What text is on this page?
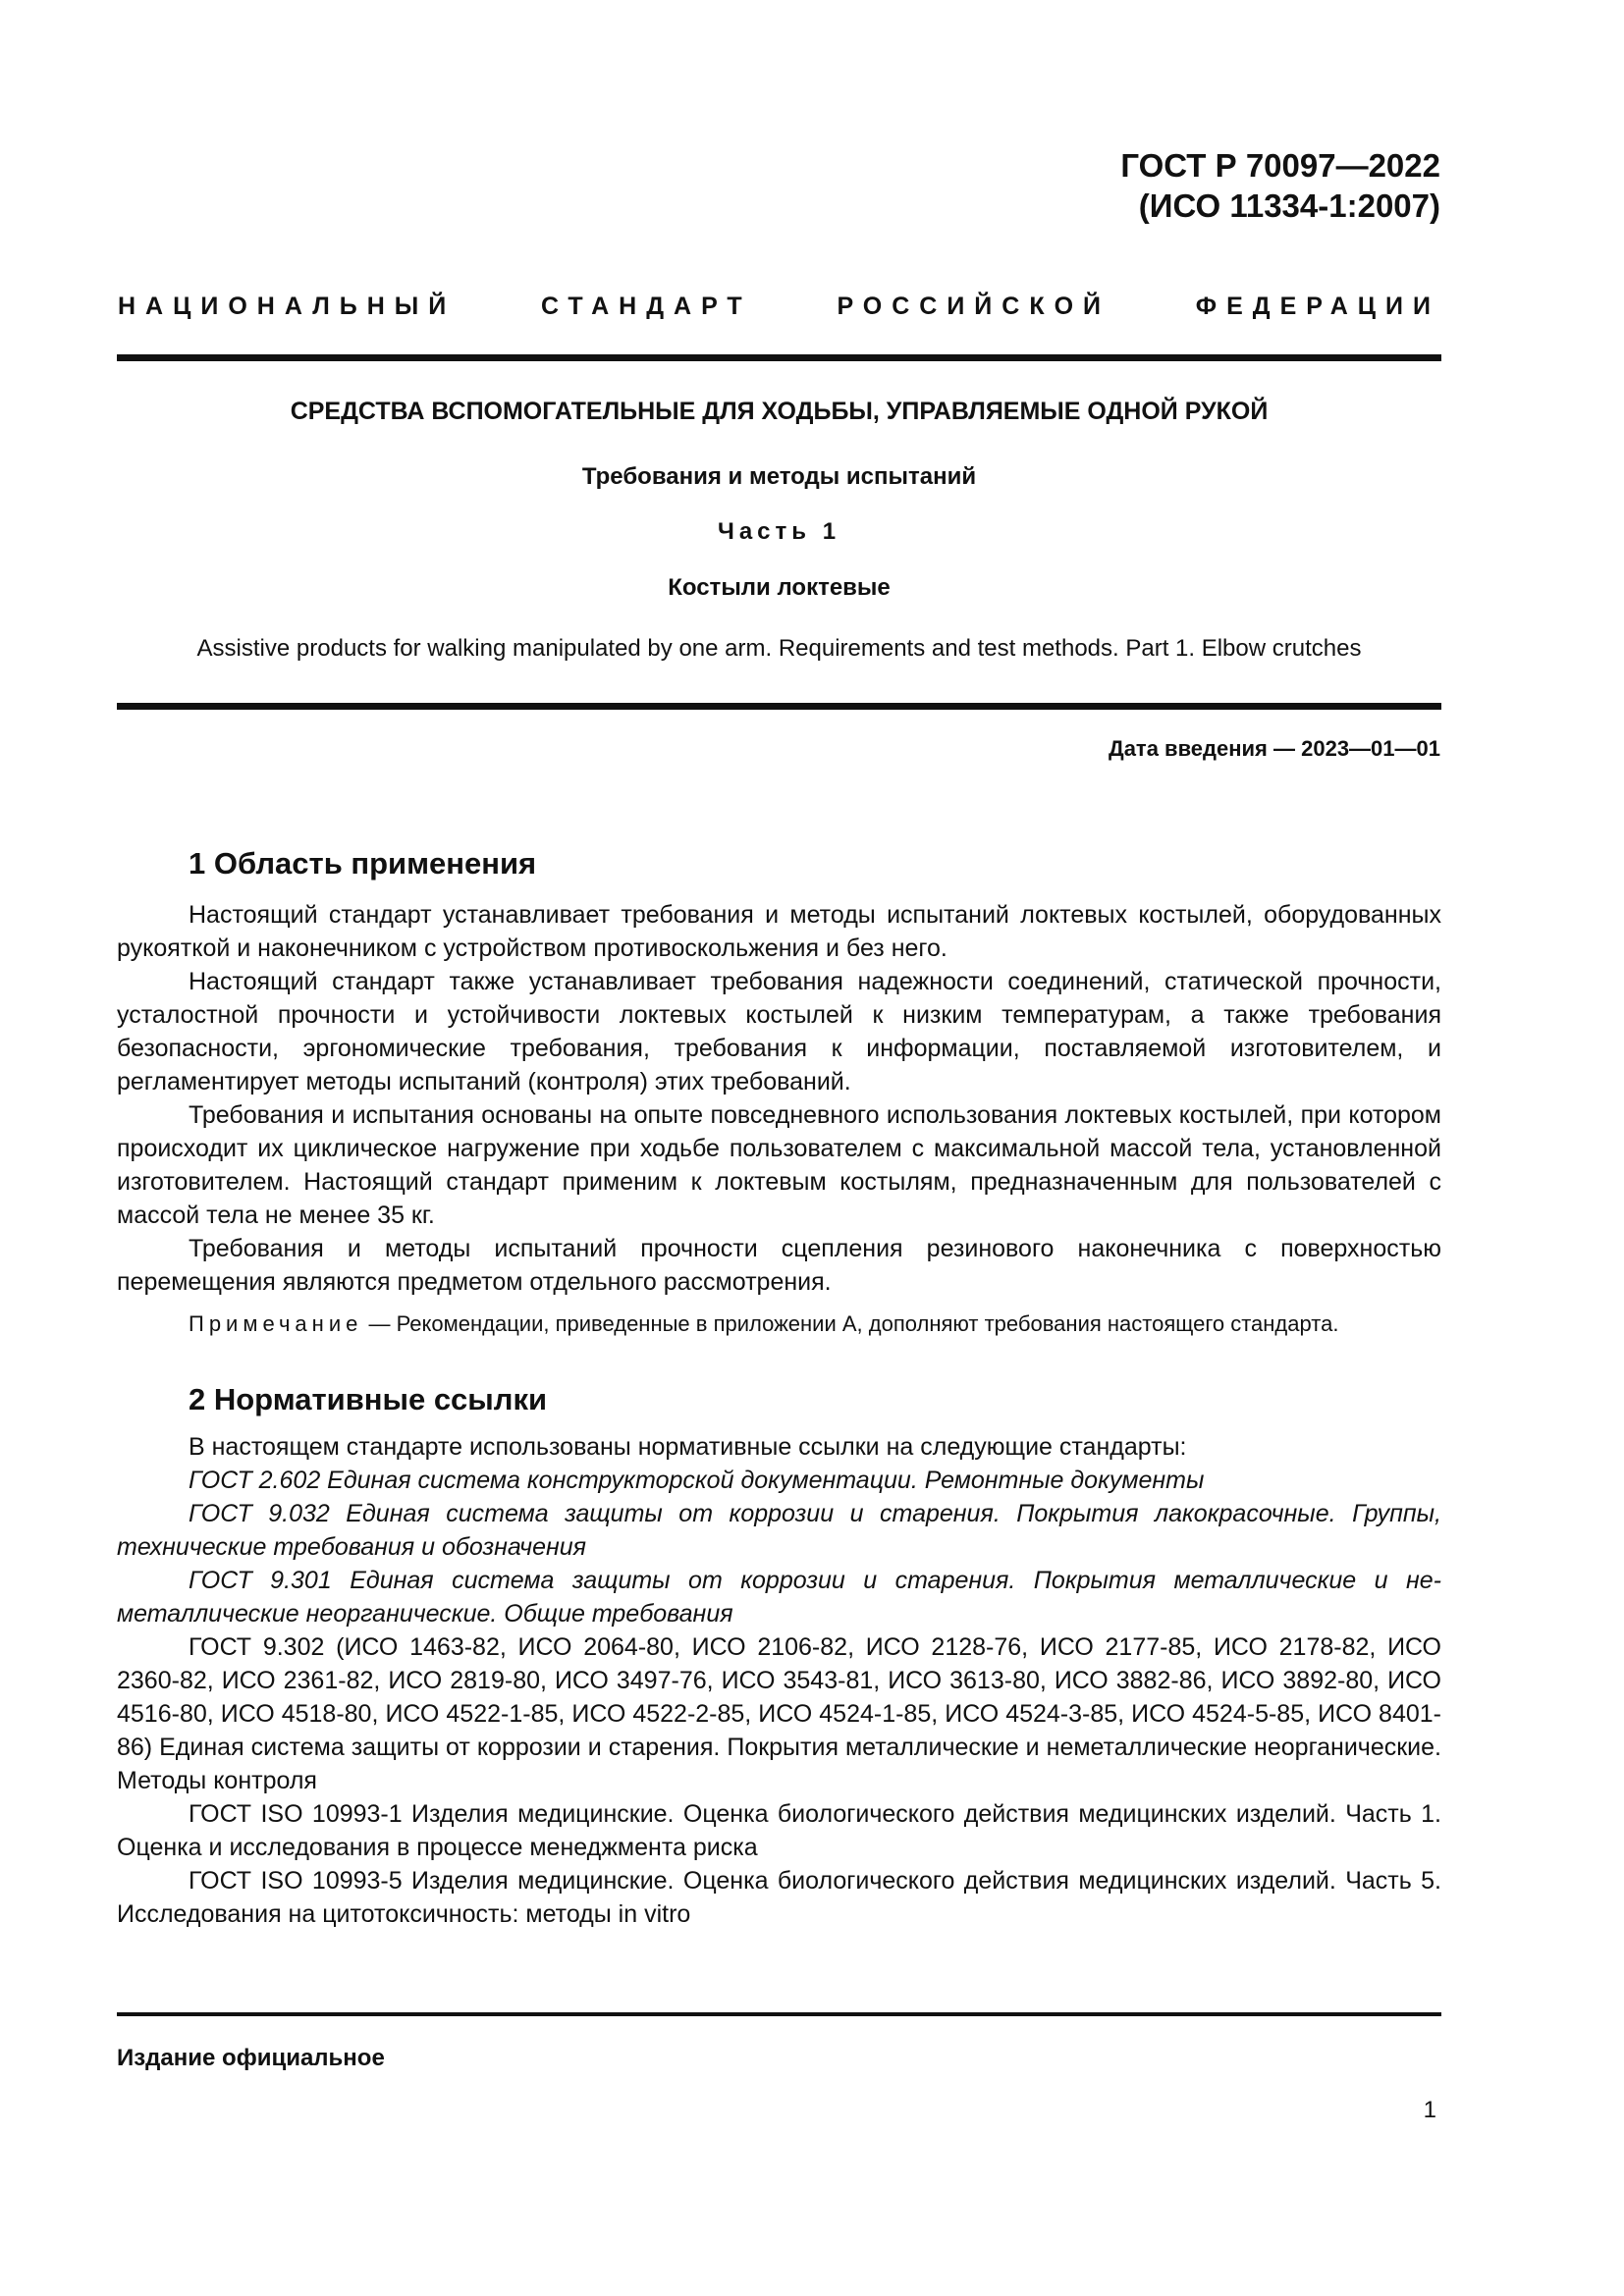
ГОСТ Р 70097—2022
(ИСО 11334-1:2007)
НАЦИОНАЛЬНЫЙ СТАНДАРТ РОССИЙСКОЙ ФЕДЕРАЦИИ
СРЕДСТВА ВСПОМОГАТЕЛЬНЫЕ ДЛЯ ХОДЬБЫ, УПРАВЛЯЕМЫЕ ОДНОЙ РУКОЙ
Требования и методы испытаний
Часть 1
Костыли локтевые
Assistive products for walking manipulated by one arm. Requirements and test methods. Part 1. Elbow crutches
Дата введения — 2023—01—01
1 Область применения

Настоящий стандарт устанавливает требования и методы испытаний локтевых костылей, оборудованных рукояткой и наконечником с устройством противоскольжения и без него.

Настоящий стандарт также устанавливает требования надежности соединений, статической прочности, усталостной прочности и устойчивости локтевых костылей к низким температурам, а также требования безопасности, эргономические требования, требования к информации, поставляемой изготовителем, и регламентирует методы испытаний (контроля) этих требований.

Требования и испытания основаны на опыте повседневного использования локтевых костылей, при котором происходит их циклическое нагружение при ходьбе пользователем с максимальной массой тела, установленной изготовителем. Настоящий стандарт применим к локтевым костылям, предназначенным для пользователей с массой тела не менее 35 кг.

Требования и методы испытаний прочности сцепления резинового наконечника с поверхностью перемещения являются предметом отдельного рассмотрения.

Примечание — Рекомендации, приведенные в приложении А, дополняют требования настоящего стандарта.

2 Нормативные ссылки

В настоящем стандарте использованы нормативные ссылки на следующие стандарты:

ГОСТ 2.602 Единая система конструкторской документации. Ремонтные документы

ГОСТ 9.032 Единая система защиты от коррозии и старения. Покрытия лакокрасочные. Группы, технические требования и обозначения

ГОСТ 9.301 Единая система защиты от коррозии и старения. Покрытия металлические и неметаллические неорганические. Общие требования

ГОСТ 9.302 (ИСО 1463-82, ИСО 2064-80, ИСО 2106-82, ИСО 2128-76, ИСО 2177-85, ИСО 2178-82, ИСО 2360-82, ИСО 2361-82, ИСО 2819-80, ИСО 3497-76, ИСО 3543-81, ИСО 3613-80, ИСО 3882-86, ИСО 3892-80, ИСО 4516-80, ИСО 4518-80, ИСО 4522-1-85, ИСО 4522-2-85, ИСО 4524-1-85, ИСО 4524-3-85, ИСО 4524-5-85, ИСО 8401-86) Единая система защиты от коррозии и старения. Покрытия металлические и неметаллические неорганические. Методы контроля

ГОСТ ISO 10993-1 Изделия медицинские. Оценка биологического действия медицинских изделий. Часть 1. Оценка и исследования в процессе менеджмента риска

ГОСТ ISO 10993-5 Изделия медицинские. Оценка биологического действия медицинских изделий. Часть 5. Исследования на цитотоксичность: методы in vitro

Издание официальное
1
